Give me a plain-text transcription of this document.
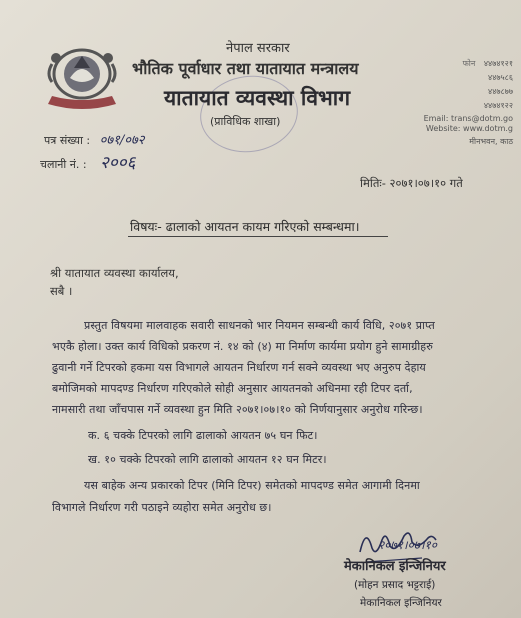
नेपाल सरकार
भौतिक पूर्वाधार तथा यातायात मन्त्रालय
यातायात व्यवस्था विभाग
(प्राविधिक शाखा)
फोन ४४७४१२१
४४७५८६
४४७८७७
४४७४१२२
Email: trans@dotm.go
Website: www.dotm.g
मीनभवन, काठ
पत्र संख्या : ०७१/०७२
चलानी नं. : २००६
मितिः- २०७१।०७।१० गते
विषयः- ढालाको आयतन कायम गरिएको सम्बन्धमा।
श्री यातायात व्यवस्था कार्यालय,
सबै ।
प्रस्तुत विषयमा मालवाहक सवारी साधनको भार नियमन सम्बन्धी कार्य विधि, २०७१ प्राप्त
भएकै होला। उक्त कार्य विधिको प्रकरण नं. १४ को (४) मा निर्माण कार्यमा प्रयोग हुने सामाग्रीहरु
ढुवानी गर्ने टिपरको हकमा यस विभागले आयतन निर्धारण गर्न सक्ने व्यवस्था भए अनुरुप देहाय
बमोजिमको मापदण्ड निर्धारण गरिएकोले सोही अनुसार आयतनको अधिनमा रही टिपर दर्ता,
नामसारी तथा जाँचपास गर्ने व्यवस्था हुन मिति २०७१।०७।१० को निर्णयानुसार अनुरोध गरिन्छ।
क. ६ चक्के टिपरको लागि ढालाको आयतन ७५ घन फिट।
ख. १० चक्के टिपरको लागि ढालाको आयतन १२ घन मिटर।
यस बाहेक अन्य प्रकारको टिपर (मिनि टिपर) समेतको मापदण्ड समेत आगामी दिनमा
विभागले निर्धारण गरी पठाइने व्यहोरा समेत अनुरोध छ।
२०७१।०७।१०
मेकानिकल इन्जिनियर
(मोहन प्रसाद भट्टराई)
मेकानिकल इन्जिनियर
